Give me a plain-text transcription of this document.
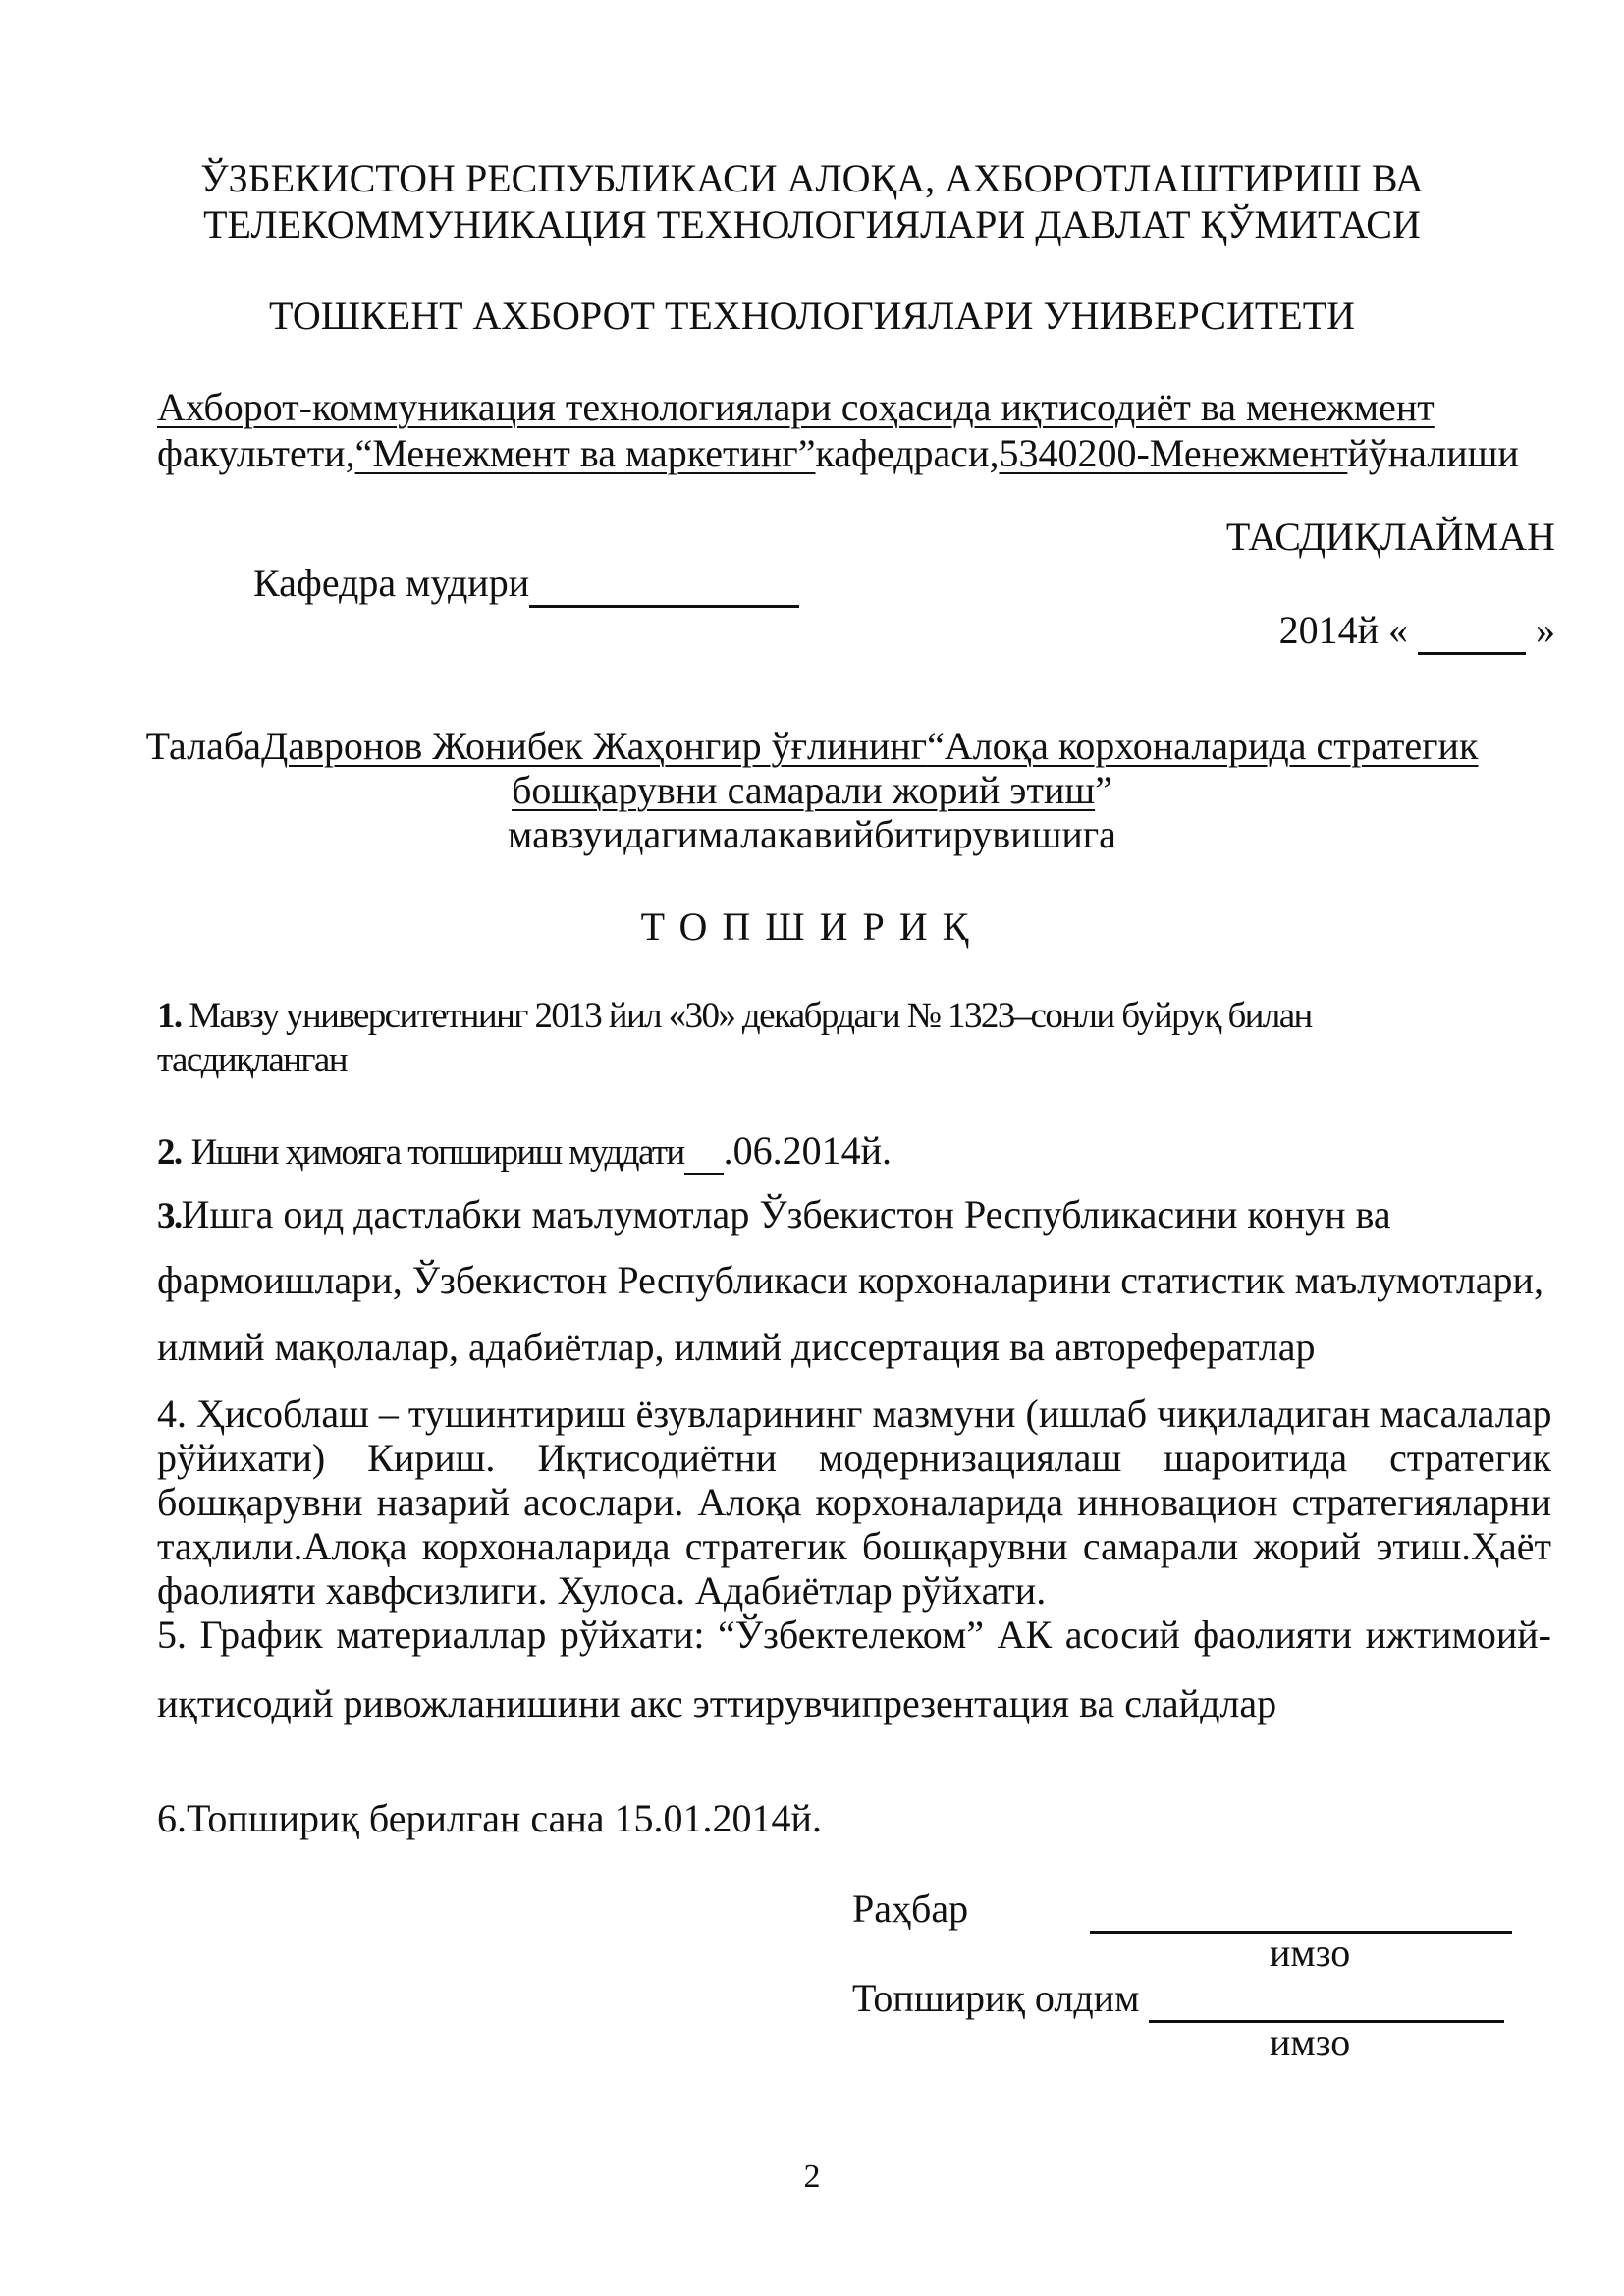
ЎЗБЕКИСТОН РЕСПУБЛИКАСИ АЛОҚА, АХБОРОТЛАШТИРИШ ВА
ТЕЛЕКОММУНИКАЦИЯ ТЕХНОЛОГИЯЛАРИ ДАВЛАТ ҚЎМИТАСИ
ТОШКЕНТ АХБОРОТ ТЕХНОЛОГИЯЛАРИ УНИВЕРСИТЕТИ
Ахборот-коммуникация технологиялари соҳасида иқтисодиёт ва менежмент
факультети,“Менежмент ва маркетинг”кафедраси,5340200-Менежментйўналиши
ТАСДИҚЛАЙМАН
Кафедра мудири
2014й «	»
ТалабаДавронов Жонибек Жаҳонгир ўғлининг“Алоқа корхоналарида стратегик
бошқарувни самарали жорий этиш”
мавзуидагималакавийбитирувишига
ТОПШИРИҚ
1. Мавзу университетнинг 2013 йил «30» декабрдаги № 1323–сонли буйруқ билан
тасдиқланган
2. Ишни ҳимояга топшириш муддати .06.2014й.
3.Ишга оид дастлабки маълумотлар Ўзбекистон Республикасини конун ва
фармоишлари, Ўзбекистон Республикаси корхоналарини статистик маълумотлари,
илмий мақолалар, адабиётлар, илмий диссертация ва авторефератлар
4. Ҳисоблаш – тушинтириш ёзувларининг мазмуни (ишлаб чиқиладиган масалалар
рўйихати) Кириш. Иқтисодиётни модернизациялаш шароитида стратегик
бошқарувни назарий асослари. Алоқа корхоналарида инновацион стратегияларни
таҳлили.Алоқа корхоналарида стратегик бошқарувни самарали жорий этиш.Ҳаёт
фаолияти хавфсизлиги. Хулоса. Адабиётлар рўйхати.
5. График материаллар рўйхати: “Ўзбектелеком” АК асосий фаолияти ижтимоий-
иқтисодий ривожланишини акс эттирувчипрезентация ва слайдлар
6.Топшириқ берилган сана 15.01.2014й.
Раҳбар

имзо
Топшириқ олдим
имзо
2
